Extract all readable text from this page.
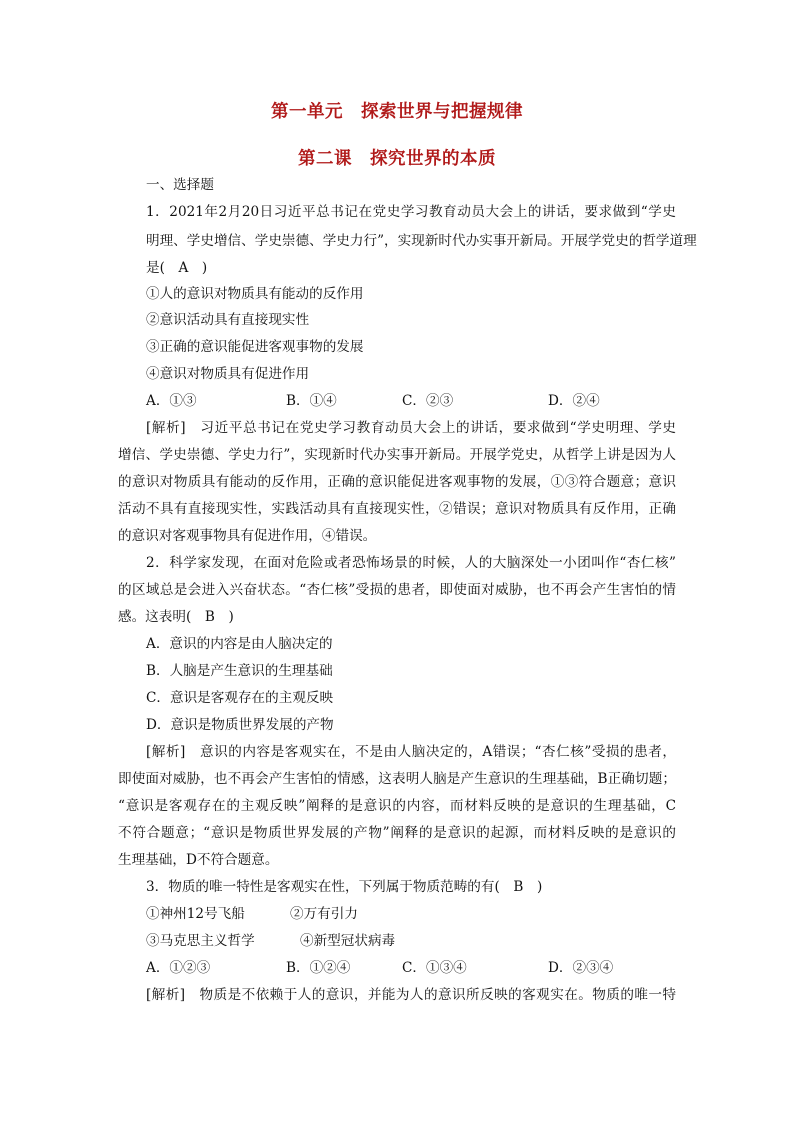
第一单元 探索世界与把握规律
第二课 探究世界的本质
一、选择题
1．2021年2月20日习近平总书记在党史学习教育动员大会上的讲话，要求做到“学史
明理、学史增信、学史崇德、学史力行”，实现新时代办实事开新局。开展学党史的哲学道理
是(　A　)
①人的意识对物质具有能动的反作用
②意识活动具有直接现实性
③正确的意识能促进客观事物的发展
④意识对物质具有促进作用
A．①③	B．①④	C．②③	D．②④
[解析]　习近平总书记在党史学习教育动员大会上的讲话，要求做到“学史明理、学史
增信、学史崇德、学史力行”，实现新时代办实事开新局。开展学党史，从哲学上讲是因为人
的意识对物质具有能动的反作用，正确的意识能促进客观事物的发展，①③符合题意；意识
活动不具有直接现实性，实践活动具有直接现实性，②错误；意识对物质具有反作用，正确
的意识对客观事物具有促进作用，④错误。
2．科学家发现，在面对危险或者恐怖场景的时候，人的大脑深处一小团叫作“杏仁核”
的区域总是会进入兴奋状态。“杏仁核”受损的患者，即使面对威胁，也不再会产生害怕的情
感。这表明(　B　)
A．意识的内容是由人脑决定的
B．人脑是产生意识的生理基础
C．意识是客观存在的主观反映
D．意识是物质世界发展的产物
[解析]　意识的内容是客观实在，不是由人脑决定的，A错误；“杏仁核”受损的患者，
即使面对威胁，也不再会产生害怕的情感，这表明人脑是产生意识的生理基础，B正确切题；
“意识是客观存在的主观反映”阐释的是意识的内容，而材料反映的是意识的生理基础，C
不符合题意；“意识是物质世界发展的产物”阐释的是意识的起源，而材料反映的是意识的
生理基础，D不符合题意。
3．物质的唯一特性是客观实在性，下列属于物质范畴的有(　B　)
①神州12号飞船	②万有引力
③马克思主义哲学	④新型冠状病毒
A．①②③	B．①②④	C．①③④	D．②③④
[解析]　物质是不依赖于人的意识，并能为人的意识所反映的客观实在。物质的唯一特
